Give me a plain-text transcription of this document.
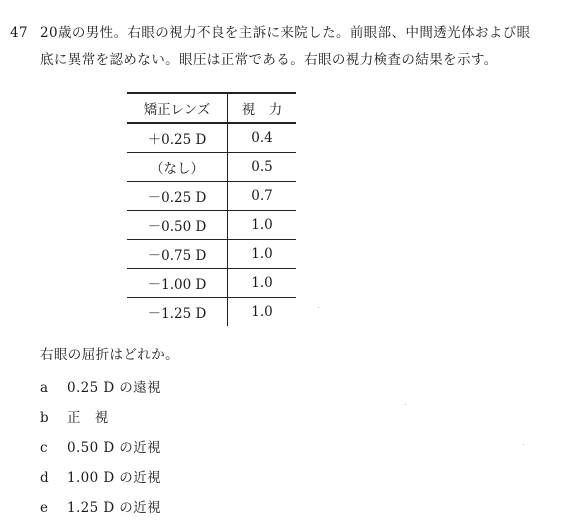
47 20歳の男性。右眼の視力不良を主訴に来院した。前眼部、中間透光体および眼
底に異常を認めない。眼圧は正常である。右眼の視力検査の結果を示す。
矯正レンズ	視　力
＋0.25 D	0.4
（なし）	0.5
－0.25 D	0.7
－0.50 D	1.0
－0.75 D	1.0
－1.00 D	1.0
－1.25 D	1.0
右眼の屈折はどれか。
a 0.25 D の遠視
b 正　視
c 0.50 D の近視
d 1.00 D の近視
e 1.25 D の近視
